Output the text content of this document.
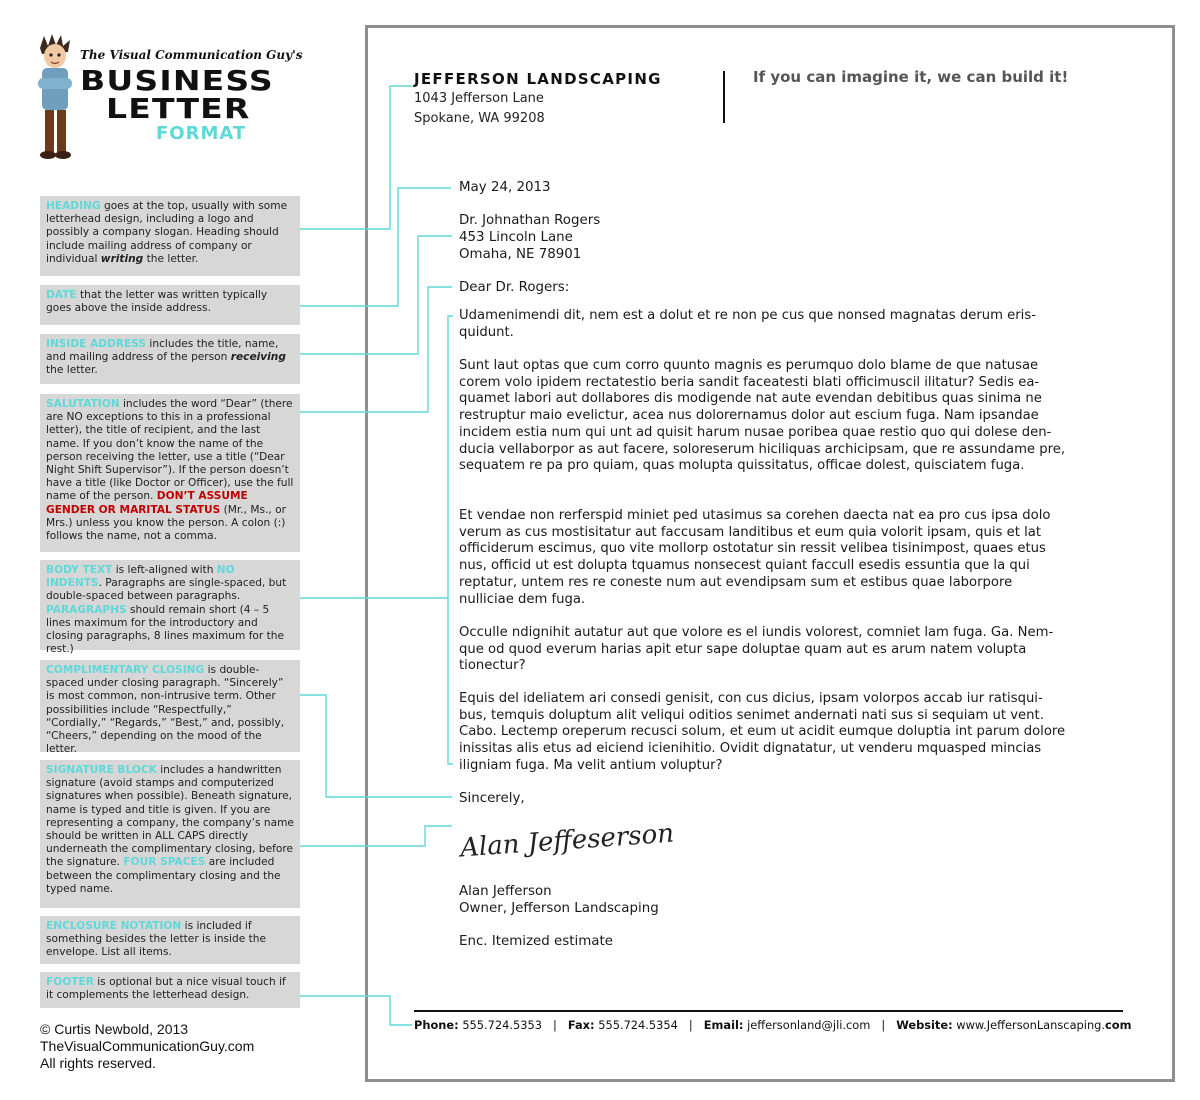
The Visual Communication Guy's
BUSINESS
LETTER
FORMAT
HEADING goes at the top, usually with some letterhead design, including a logo and possibly a company slogan. Heading should include mailing address of company or individual writing the letter.
DATE that the letter was written typically goes above the inside address.
INSIDE ADDRESS includes the title, name, and mailing address of the person receiving the letter.
SALUTATION includes the word “Dear” (there are NO exceptions to this in a professional letter), the title of recipient, and the last name. If you don’t know the name of the person receiving the letter, use a title (“Dear Night Shift Supervisor”). If the person doesn’t have a title (like Doctor or Officer), use the full name of the person. DON’T ASSUME GENDER OR MARITAL STATUS (Mr., Ms., or Mrs.) unless you know the person. A colon (:) follows the name, not a comma.
BODY TEXT is left-aligned with NO INDENTS. Paragraphs are single-spaced, but double-spaced between paragraphs. PARAGRAPHS should remain short (4 – 5 lines maximum for the introductory and closing paragraphs, 8 lines maximum for the rest.)
COMPLIMENTARY CLOSING is double-spaced under closing paragraph. “Sincerely” is most common, non-intrusive term. Other possibilities include “Respectfully,” “Cordially,” “Regards,” “Best,” and, possibly, “Cheers,” depending on the mood of the letter.
SIGNATURE BLOCK includes a handwritten signature (avoid stamps and computerized signatures when possible). Beneath signature, name is typed and title is given. If you are representing a company, the company’s name should be written in ALL CAPS directly underneath the complimentary closing, before the signature. FOUR SPACES are included between the complimentary closing and the typed name.
ENCLOSURE NOTATION is included if something besides the letter is inside the envelope. List all items.
FOOTER is optional but a nice visual touch if it complements the letterhead design.
© Curtis Newbold, 2013
TheVisualCommunicationGuy.com
All rights reserved.
JEFFERSON LANDSCAPING
1043 Jefferson Lane
Spokane, WA 99208
If you can imagine it, we can build it!
May 24, 2013
Dr. Johnathan Rogers
453 Lincoln Lane
Omaha, NE 78901
Dear Dr. Rogers:
Udamenimendi dit, nem est a dolut et re non pe cus que nonsed magnatas derum eris-quidunt.
Sunt laut optas que cum corro quunto magnis es perumquo dolo blame de que natusae corem volo ipidem rectatestio beria sandit faceatesti blati officimuscil ilitatur? Sedis ea-quamet labori aut dollabores dis modigende nat aute evendan debitibus quas sinima ne restruptur maio evelictur, acea nus dolorernamus dolor aut escium fuga. Nam ipsandae incidem estia num qui unt ad quisit harum nusae poribea quae restio quo qui dolese den-ducia vellaborpor as aut facere, soloreserum hiciliquas archicipsam, que re assundame pre, sequatem re pa pro quiam, quas molupta quissitatus, officae dolest, quisciatem fuga.
Et vendae non rerferspid miniet ped utasimus sa corehen daecta nat ea pro cus ipsa dolo verum as cus mostisitatur aut faccusam landitibus et eum quia volorit ipsam, quis et lat officiderum escimus, quo vite mollorp ostotatur sin ressit velibea tisinimpost, quaes etus nus, officid ut est dolupta tquamus nonsecest quiant faccull esedis essuntia que la qui reptatur, untem res re coneste num aut evendipsam sum et estibus quae laborpore nulliciae dem fuga.
Occulle ndignihit autatur aut que volore es el iundis volorest, comniet lam fuga. Ga. Nem-que od quod everum harias apit etur sape doluptae quam aut es arum natem volupta tionectur?
Equis del ideliatem ari consedi genisit, con cus dicius, ipsam volorpos accab iur ratisqui-bus, temquis doluptum alit veliqui oditios senimet andernati nati sus si sequiam ut vent. Cabo. Lectemp oreperum recusci solum, et eum ut acidit eumque doluptia int parum dolore inissitas alis etus ad eiciend icienihitio. Ovidit dignatatur, ut venderu mquasped mincias iligniam fuga. Ma velit antium voluptur?
Sincerely,
Alan Jeffeserson
Alan Jefferson
Owner, Jefferson Landscaping
Enc. Itemized estimate
Phone: 555.724.5353 | Fax: 555.724.5354 | Email: jeffersonland@jli.com | Website: www.JeffersonLanscaping.com
